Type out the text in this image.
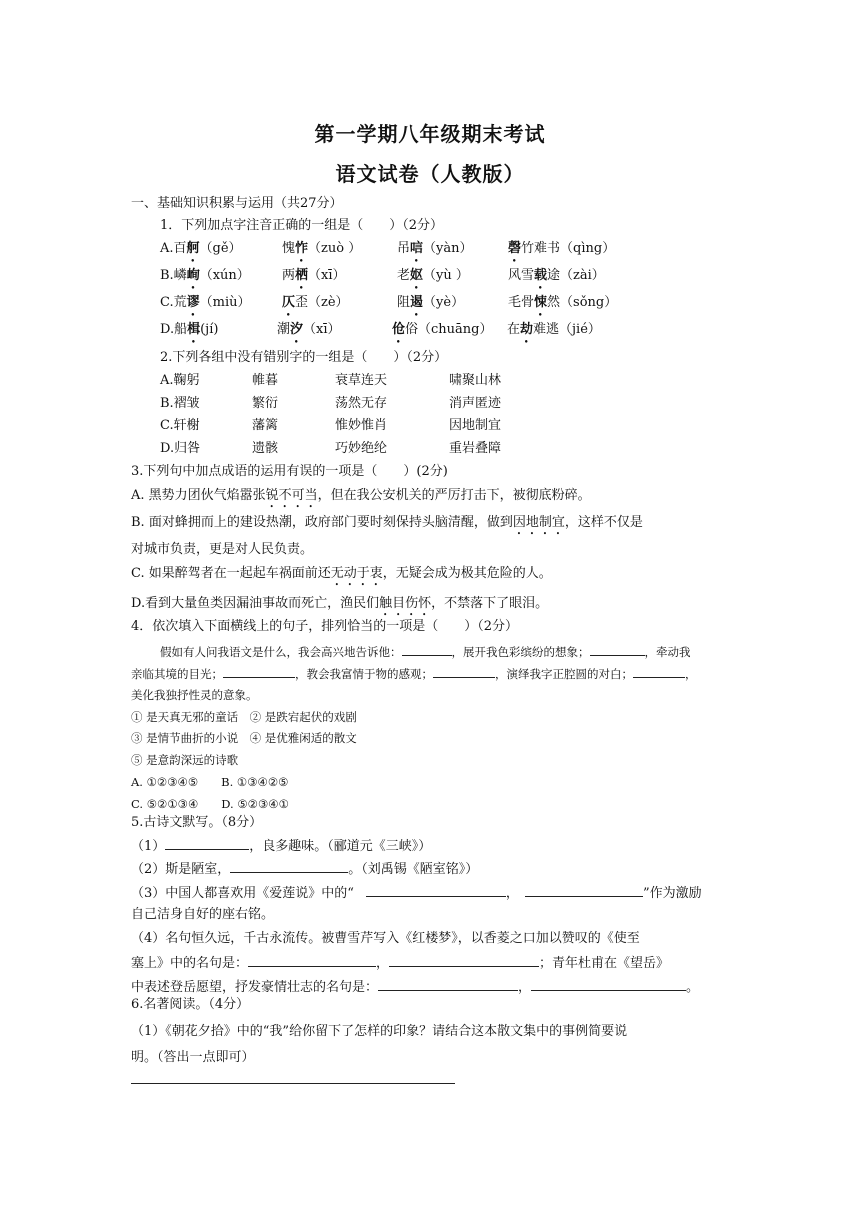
第一学期八年级期末考试
语文试卷（人教版）
一、基础知识积累与运用（共27分）
1．下列加点字注音正确的一组是（　　）（2分）
A.百舸（gě）	愧怍（zuò ）	吊唁（yàn）	磬竹难书（qìng）
B.嶙峋（xún） 两栖（xī）	老妪（yù ）	风雪载途（zài）
C.荒谬（miù） 仄歪（zè）	阻遏（yè）	毛骨悚然（sǒng）
D.船楫(jí)	潮汐（xī）	伧俗（chuāng） 在劫难逃（jié）
2.下列各组中没有错别字的一组是（　　）（2分）
A.鞠躬	帷暮	衰草连天	啸聚山林
B.褶皱	繁衍	荡然无存	消声匿迹
C.轩榭	藩篱	惟妙惟肖	因地制宜
D.归咎	遗骸	巧妙绝纶	重岩叠障
3.下列句中加点成语的运用有误的一项是（　　）(2分)
A. 黑势力团伙气焰嚣张锐不可当，但在我公安机关的严厉打击下，被彻底粉碎。
B. 面对蜂拥而上的建设热潮，政府部门要时刻保持头脑清醒，做到因地制宜，这样不仅是
对城市负责，更是对人民负责。
C. 如果醉驾者在一起起车祸面前还无动于衷，无疑会成为极其危险的人。
D.看到大量鱼类因漏油事故而死亡，渔民们触目伤怀，不禁落下了眼泪。
4．依次填入下面横线上的句子，排列恰当的一项是（　　）（2分）
假如有人问我语文是什么，我会高兴地告诉他：	，展开我色彩缤纷的想象；	，牵动我
亲临其境的目光；	，教会我富情于物的感观；	，演绎我字正腔圆的对白；	，
美化我独抒性灵的意象。
① 是天真无邪的童话　② 是跌宕起伏的戏剧
③ 是情节曲折的小说　④ 是优雅闲适的散文
⑤ 是意韵深远的诗歌
A. ①②③④⑤　　B. ①③④②⑤
C. ⑤②①③④　　D. ⑤②③④①
5.古诗文默写。（8分）
（1）	，良多趣味。（郦道元《三峡》）
（2）斯是陋室，	。（刘禹锡《陋室铭》）
（3）中国人都喜欢用《爱莲说》中的“	，	”作为激励
自己洁身自好的座右铭。
（4）名句恒久远，千古永流传。被曹雪芹写入《红楼梦》，以香菱之口加以赞叹的《使至
塞上》中的名句是：	，	；青年杜甫在《望岳》
中表述登岳愿望，抒发豪情壮志的名句是：	，	。
6.名著阅读。（4分）
（1）《朝花夕拾》中的“我”给你留下了怎样的印象？请结合这本散文集中的事例简要说
明。（答出一点即可）
